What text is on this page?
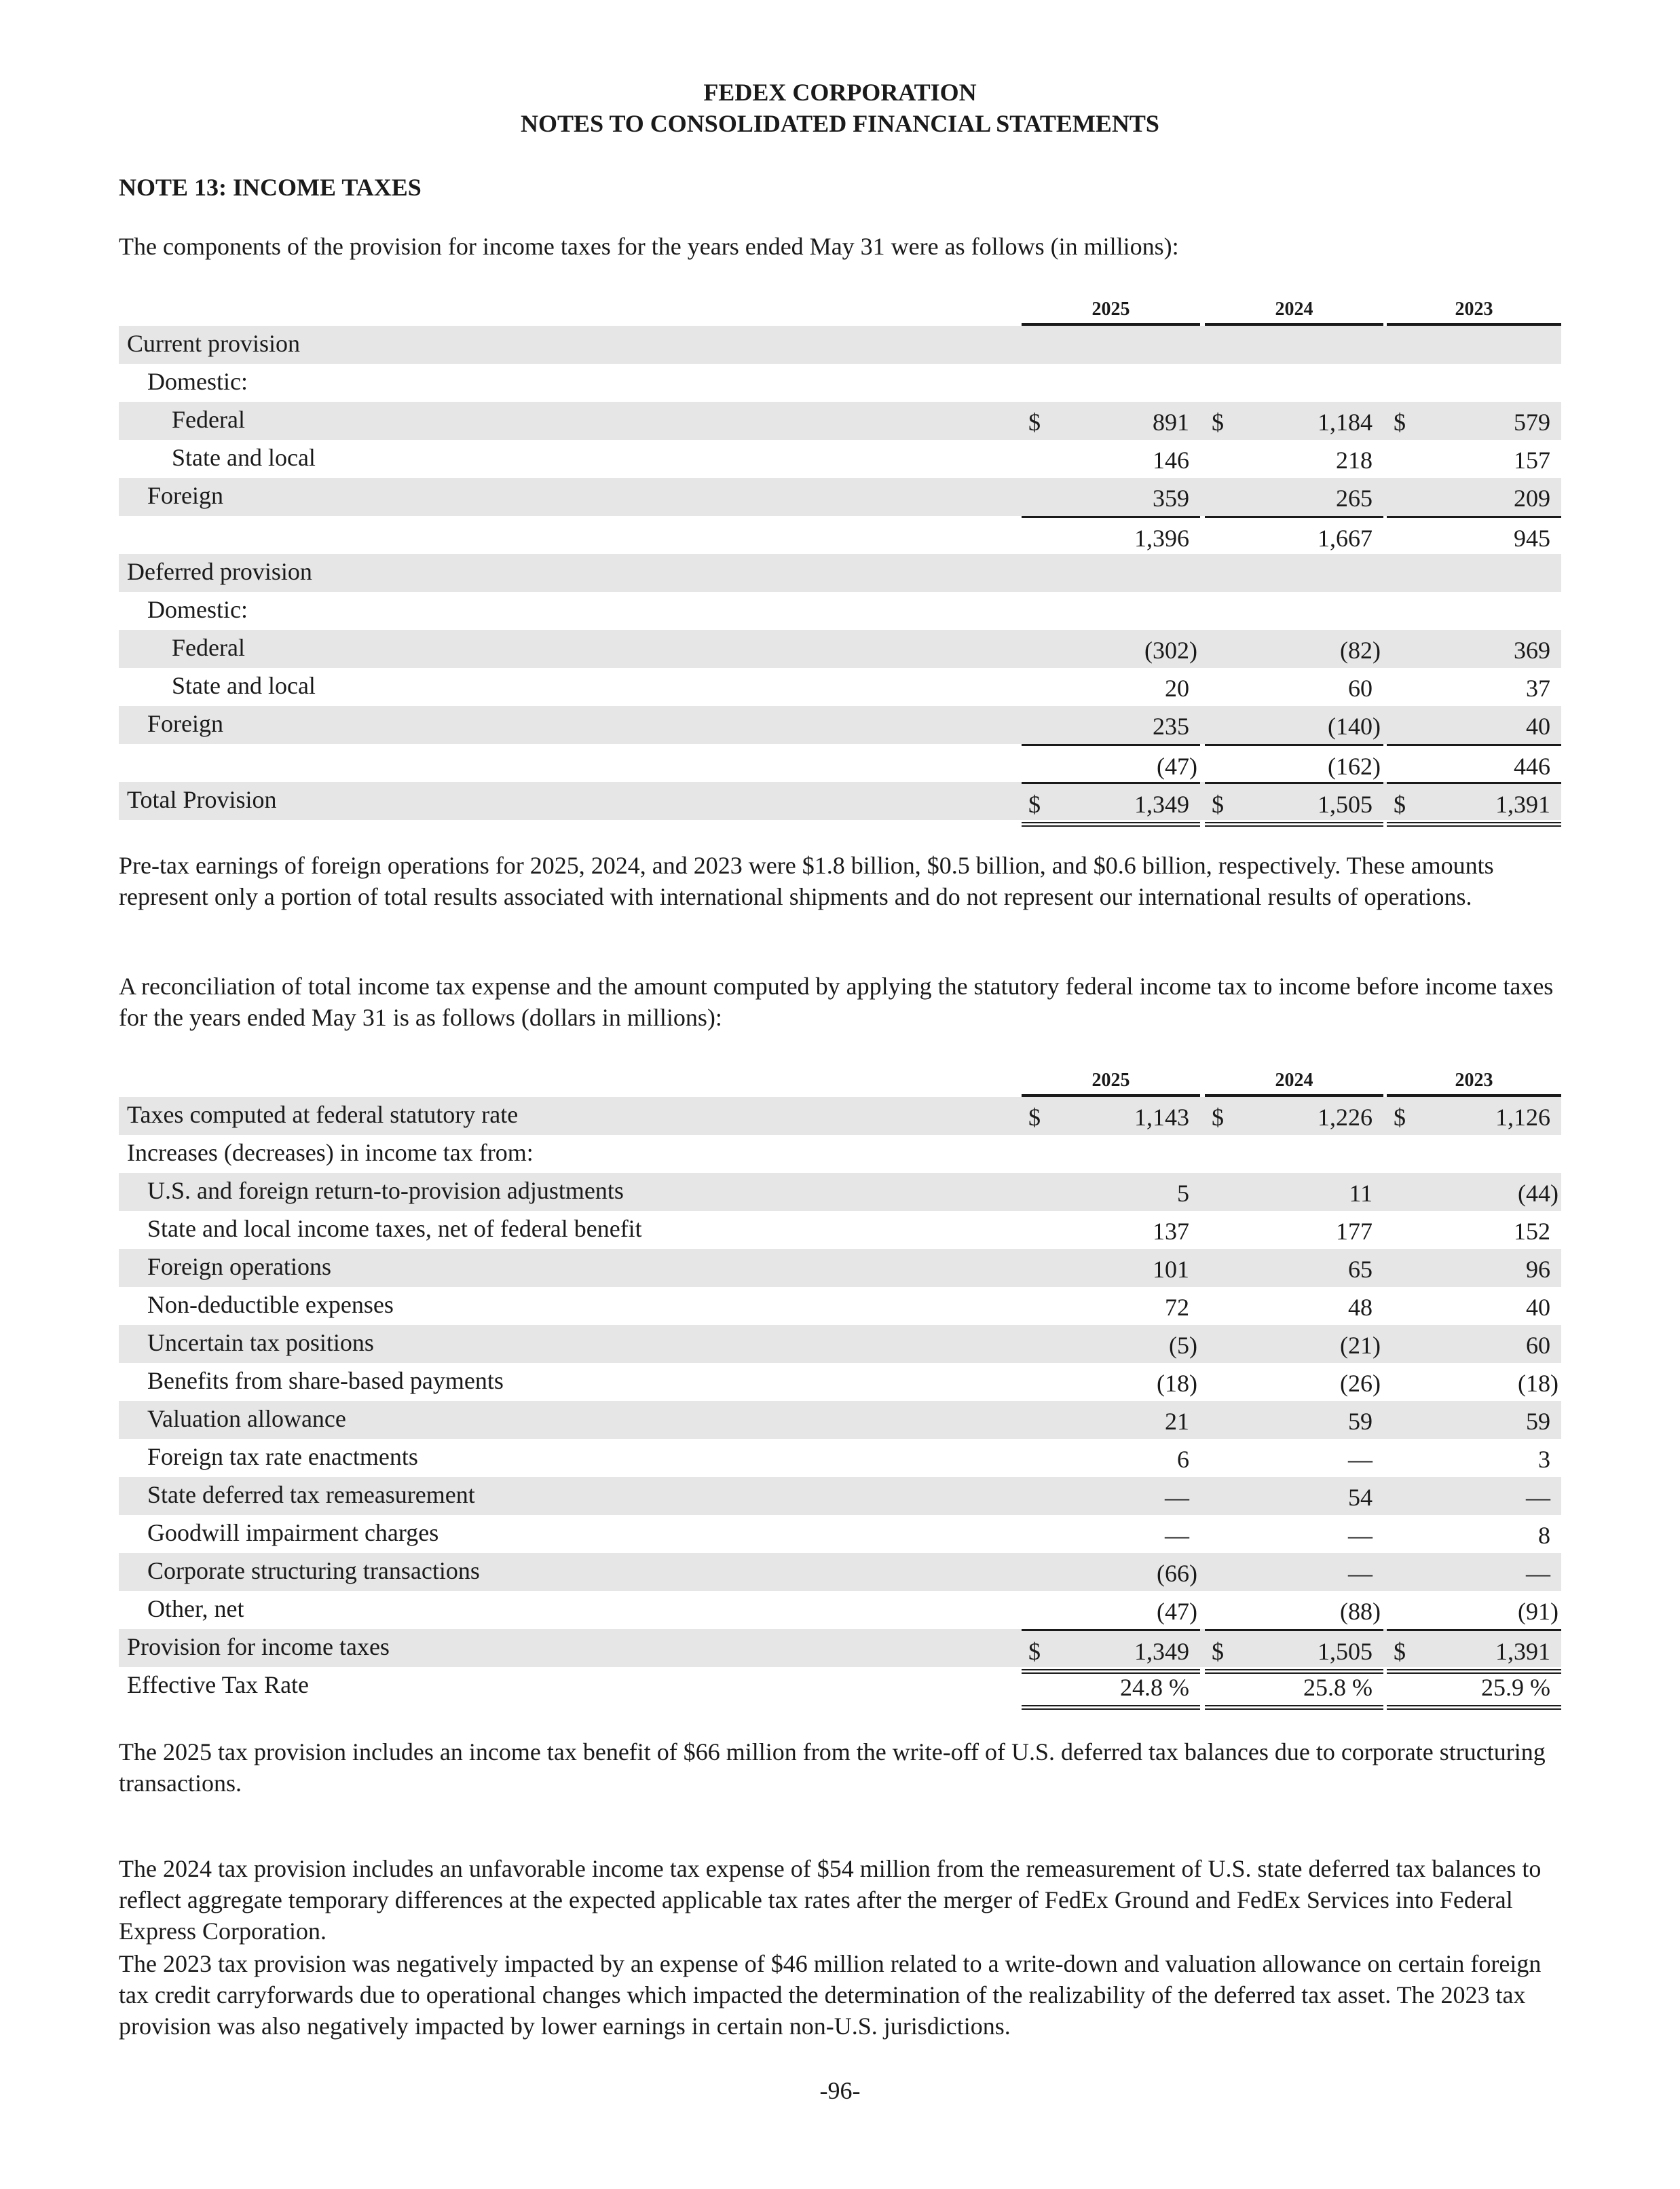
FEDEX CORPORATION
NOTES TO CONSOLIDATED FINANCIAL STATEMENTS
NOTE 13: INCOME TAXES

The components of the provision for income taxes for the years ended May 31 were as follows (in millions):

2025	2024	2023
Current provision
Domestic:
Federal	$	891 $	1,184 $	579
State and local	146	218	157
Foreign	359	265	209
1,396	1,667	945
Deferred provision
Domestic:
Federal	(302)	(82)	369
State and local	20	60	37
Foreign	235	(140)	40
(47)	(162)	446
Total Provision	$	1,349 $	1,505 $	1,391

Pre-tax earnings of foreign operations for 2025, 2024, and 2023 were $1.8 billion, $0.5 billion, and $0.6 billion, respectively. These amounts represent only a portion of total results associated with international shipments and do not represent our international results of operations.

A reconciliation of total income tax expense and the amount computed by applying the statutory federal income tax to income before income taxes for the years ended May 31 is as follows (dollars in millions):

2025	2024	2023
Taxes computed at federal statutory rate	$	1,143 $	1,226 $	1,126
Increases (decreases) in income tax from:
U.S. and foreign return-to-provision adjustments	5	11	(44)
State and local income taxes, net of federal benefit	137	177	152
Foreign operations	101	65	96
Non-deductible expenses	72	48	40
Uncertain tax positions	(5)	(21)	60
Benefits from share-based payments	(18)	(26)	(18)
Valuation allowance	21	59	59
Foreign tax rate enactments	6	—	3
State deferred tax remeasurement	—	54	—
Goodwill impairment charges	—	—	8
Corporate structuring transactions	(66)	—	—
Other, net	(47)	(88)	(91)
Provision for income taxes	$	1,349 $	1,505 $	1,391
Effective Tax Rate	24.8 %	25.8 %	25.9 %

The 2025 tax provision includes an income tax benefit of $66 million from the write-off of U.S. deferred tax balances due to corporate structuring transactions.

The 2024 tax provision includes an unfavorable income tax expense of $54 million from the remeasurement of U.S. state deferred tax balances to reflect aggregate temporary differences at the expected applicable tax rates after the merger of FedEx Ground and FedEx Services into Federal Express Corporation.

The 2023 tax provision was negatively impacted by an expense of $46 million related to a write-down and valuation allowance on certain foreign tax credit carryforwards due to operational changes which impacted the determination of the realizability of the deferred tax asset. The 2023 tax provision was also negatively impacted by lower earnings in certain non-U.S. jurisdictions.

-96-
